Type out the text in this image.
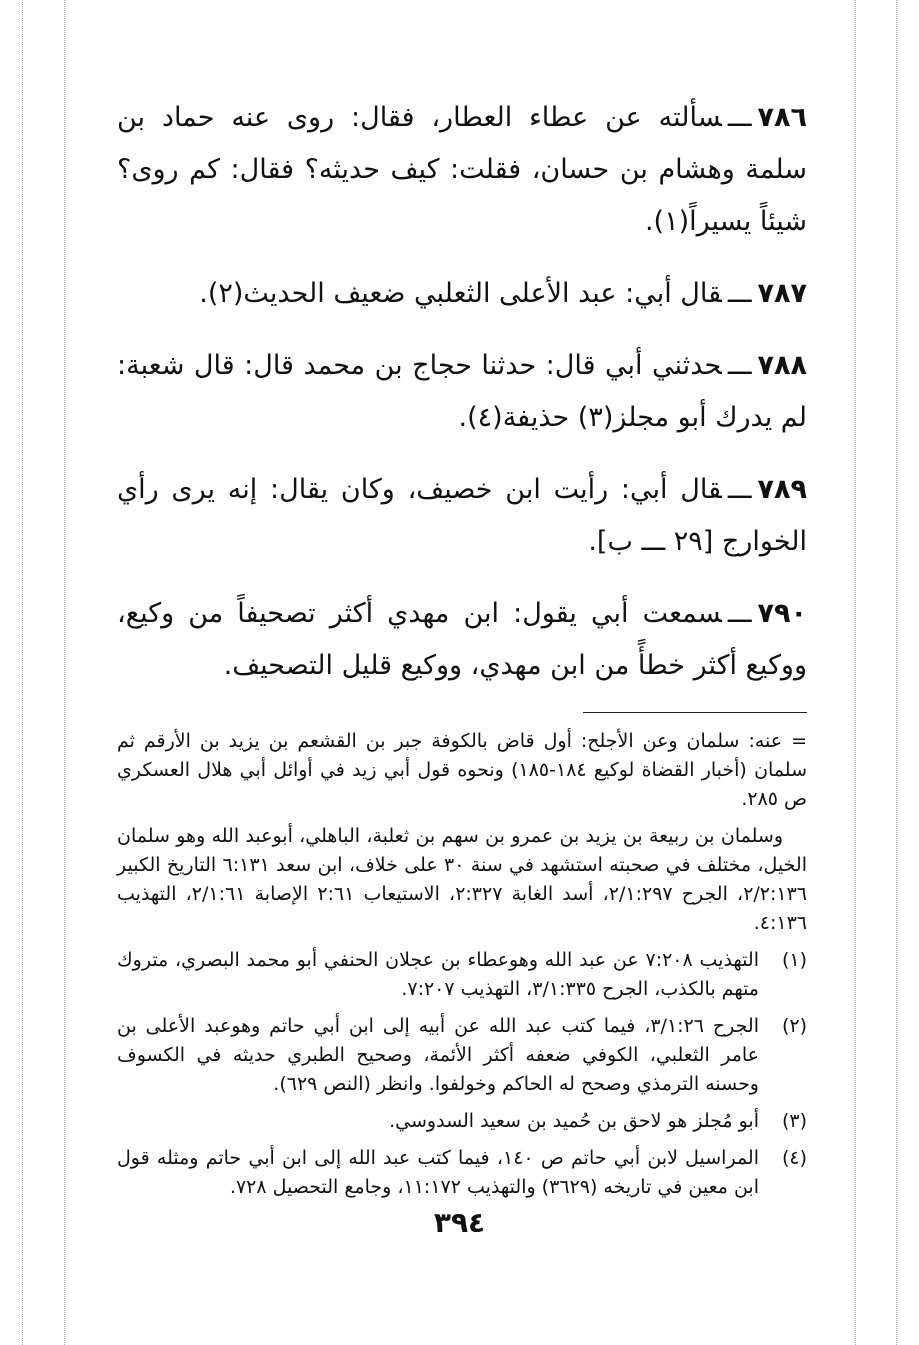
٧٨٦ـــسألته عن عطاء العطار، فقال: روى عنه حماد بن سلمة وهشام بن حسان، فقلت: كيف حديثه؟ فقال: كم روى؟ شيئاً يسيراً(١).

٧٨٧ـــقال أبي: عبد الأعلى الثعلبي ضعيف الحديث(٢).

٧٨٨ـــحدثني أبي قال: حدثنا حجاج بن محمد قال: قال شعبة: لم يدرك أبو مجلز(٣) حذيفة(٤).

٧٨٩ـــقال أبي: رأيت ابن خصيف، وكان يقال: إنه يرى رأي الخوارج [٢٩ ـــ ب].

٧٩٠ـــسمعت أبي يقول: ابن مهدي أكثر تصحيفاً من وكيع، ووكيع أكثر خطأً من ابن مهدي، ووكيع قليل التصحيف.

= عنه: سلمان وعن الأجلح: أول قاض بالكوفة جبر بن القشعم بن يزيد بن الأرقم ثم سلمان (أخبار القضاة لوكيع ١٨٤-١٨٥) ونحوه قول أبي زيد في أوائل أبي هلال العسكري ص ٢٨٥.

وسلمان بن ربيعة بن يزيد بن عمرو بن سهم بن ثعلبة، الباهلي، أبوعبد الله وهو سلمان الخيل، مختلف في صحبته استشهد في سنة ٣٠ على خلاف، ابن سعد ٦:١٣١ التاريخ الكبير ٢/٢:١٣٦، الجرح ٢/١:٢٩٧، أسد الغابة ٢:٣٢٧، الاستيعاب ٢:٦١ الإصابة ٢/١:٦١، التهذيب ٤:١٣٦.

(١)
التهذيب ٧:٢٠٨ عن عبد الله وهوعطاء بن عجلان الحنفي أبو محمد البصري، متروك متهم بالكذب، الجرح ٣/١:٣٣٥، التهذيب ٧:٢٠٧.
(٢)
الجرح ٣/١:٢٦، فيما كتب عبد الله عن أبيه إلى ابن أبي حاتم وهوعبد الأعلى بن عامر الثعلبي، الكوفي ضعفه أكثر الأئمة، وصحيح الطبري حديثه في الكسوف وحسنه الترمذي وصحح له الحاكم وخولفوا. وانظر (النص ٦٢٩).
(٣)
أبو مُجلز هو لاحق بن حُميد بن سعيد السدوسي.
(٤)
المراسيل لابن أبي حاتم ص ١٤٠، فيما كتب عبد الله إلى ابن أبي حاتم ومثله قول ابن معين في تاريخه (٣٦٢٩) والتهذيب ١١:١٧٢، وجامع التحصيل ٧٢٨.
٣٩٤
